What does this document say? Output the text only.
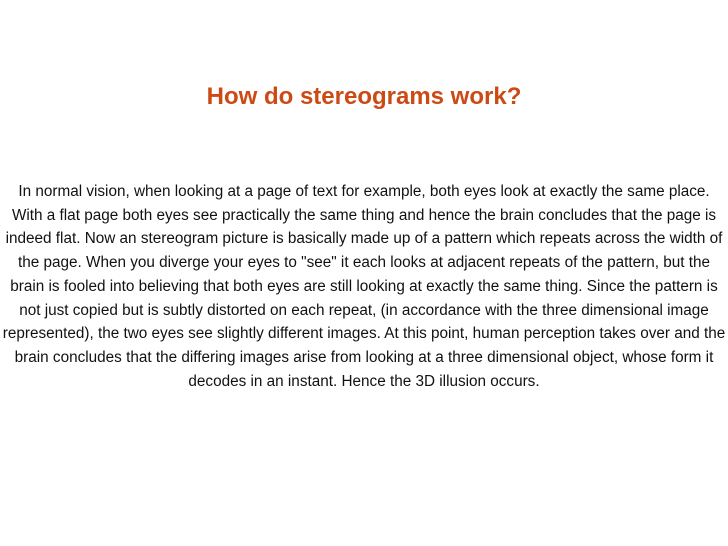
How do stereograms work?

In normal vision, when looking at a page of text for example, both eyes look at exactly the same place. With a flat page both eyes see practically the same thing and hence the brain concludes that the page is indeed flat. Now an stereogram picture is basically made up of a pattern which repeats across the width of the page. When you diverge your eyes to "see" it each looks at adjacent repeats of the pattern, but the brain is fooled into believing that both eyes are still looking at exactly the same thing. Since the pattern is not just copied but is subtly distorted on each repeat, (in accordance with the three dimensional image represented), the two eyes see slightly different images. At this point, human perception takes over and the brain concludes that the differing images arise from looking at a three dimensional object, whose form it decodes in an instant. Hence the 3D illusion occurs.
